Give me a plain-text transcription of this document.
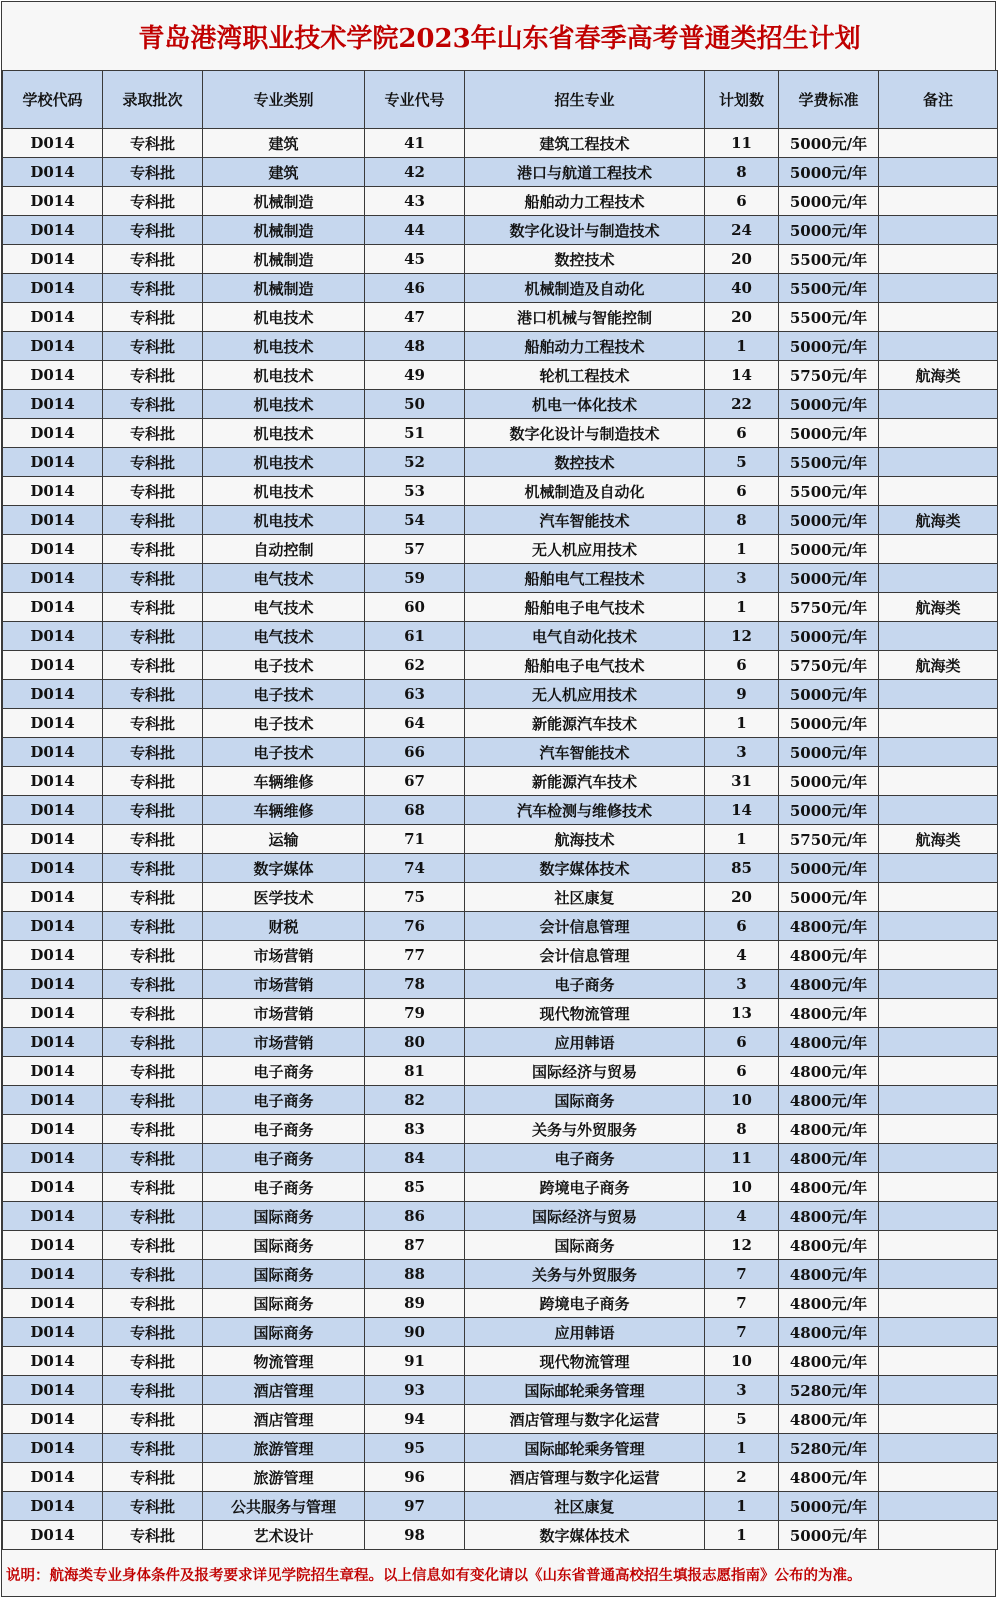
青岛港湾职业技术学院2023年山东省春季高考普通类招生计划
学校代码	录取批次	专业类别	专业代号	招生专业	计划数	学费标准	备注
D014	专科批	建筑	41	建筑工程技术	11	5000元/年	
D014	专科批	建筑	42	港口与航道工程技术	8	5000元/年	
D014	专科批	机械制造	43	船舶动力工程技术	6	5000元/年	
D014	专科批	机械制造	44	数字化设计与制造技术	24	5000元/年	
D014	专科批	机械制造	45	数控技术	20	5500元/年	
D014	专科批	机械制造	46	机械制造及自动化	40	5500元/年	
D014	专科批	机电技术	47	港口机械与智能控制	20	5500元/年	
D014	专科批	机电技术	48	船舶动力工程技术	1	5000元/年	
D014	专科批	机电技术	49	轮机工程技术	14	5750元/年	航海类
D014	专科批	机电技术	50	机电一体化技术	22	5000元/年	
D014	专科批	机电技术	51	数字化设计与制造技术	6	5000元/年	
D014	专科批	机电技术	52	数控技术	5	5500元/年	
D014	专科批	机电技术	53	机械制造及自动化	6	5500元/年	
D014	专科批	机电技术	54	汽车智能技术	8	5000元/年	航海类
D014	专科批	自动控制	57	无人机应用技术	1	5000元/年	
D014	专科批	电气技术	59	船舶电气工程技术	3	5000元/年	
D014	专科批	电气技术	60	船舶电子电气技术	1	5750元/年	航海类
D014	专科批	电气技术	61	电气自动化技术	12	5000元/年	
D014	专科批	电子技术	62	船舶电子电气技术	6	5750元/年	航海类
D014	专科批	电子技术	63	无人机应用技术	9	5000元/年	
D014	专科批	电子技术	64	新能源汽车技术	1	5000元/年	
D014	专科批	电子技术	66	汽车智能技术	3	5000元/年	
D014	专科批	车辆维修	67	新能源汽车技术	31	5000元/年	
D014	专科批	车辆维修	68	汽车检测与维修技术	14	5000元/年	
D014	专科批	运输	71	航海技术	1	5750元/年	航海类
D014	专科批	数字媒体	74	数字媒体技术	85	5000元/年	
D014	专科批	医学技术	75	社区康复	20	5000元/年	
D014	专科批	财税	76	会计信息管理	6	4800元/年	
D014	专科批	市场营销	77	会计信息管理	4	4800元/年	
D014	专科批	市场营销	78	电子商务	3	4800元/年	
D014	专科批	市场营销	79	现代物流管理	13	4800元/年	
D014	专科批	市场营销	80	应用韩语	6	4800元/年	
D014	专科批	电子商务	81	国际经济与贸易	6	4800元/年	
D014	专科批	电子商务	82	国际商务	10	4800元/年	
D014	专科批	电子商务	83	关务与外贸服务	8	4800元/年	
D014	专科批	电子商务	84	电子商务	11	4800元/年	
D014	专科批	电子商务	85	跨境电子商务	10	4800元/年	
D014	专科批	国际商务	86	国际经济与贸易	4	4800元/年	
D014	专科批	国际商务	87	国际商务	12	4800元/年	
D014	专科批	国际商务	88	关务与外贸服务	7	4800元/年	
D014	专科批	国际商务	89	跨境电子商务	7	4800元/年	
D014	专科批	国际商务	90	应用韩语	7	4800元/年	
D014	专科批	物流管理	91	现代物流管理	10	4800元/年	
D014	专科批	酒店管理	93	国际邮轮乘务管理	3	5280元/年	
D014	专科批	酒店管理	94	酒店管理与数字化运营	5	4800元/年	
D014	专科批	旅游管理	95	国际邮轮乘务管理	1	5280元/年	
D014	专科批	旅游管理	96	酒店管理与数字化运营	2	4800元/年	
D014	专科批	公共服务与管理	97	社区康复	1	5000元/年	
D014	专科批	艺术设计	98	数字媒体技术	1	5000元/年	
说明：航海类专业身体条件及报考要求详见学院招生章程。以上信息如有变化请以《山东省普通高校招生填报志愿指南》公布的为准。
